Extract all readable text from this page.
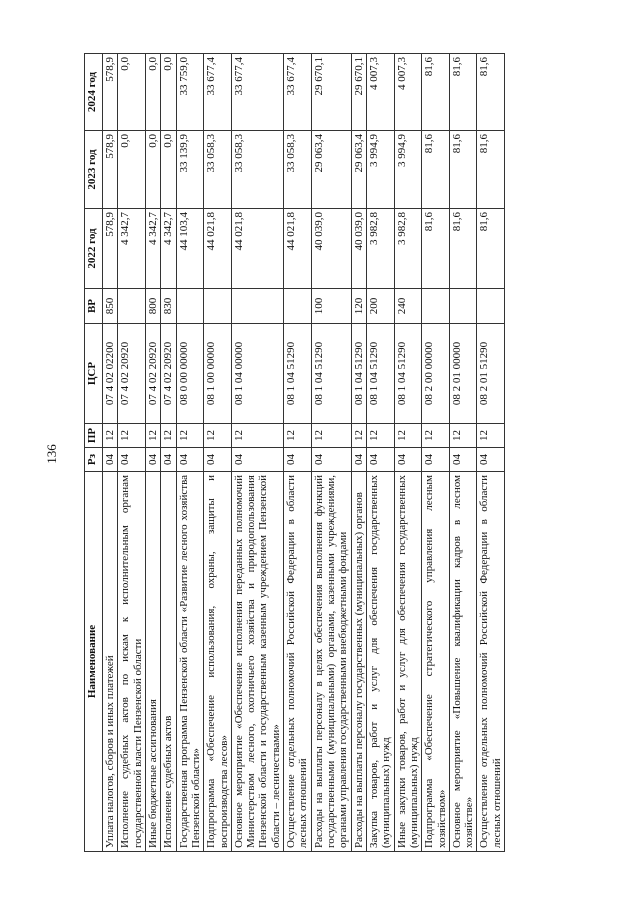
136
Наименование	Рз	ПР	ЦСР	ВР	2022 год	2023 год	2024 год
Уплата налогов, сборов и иных платежей	04	12	07 4 02 02200	850	578,9	578,9	578,9
Исполнение судебных актов по искам к исполнительным органам государственной власти Пензенской области	04	12	07 4 02 20920		4 342,7	0,0	0,0
Иные бюджетные ассигнования	04	12	07 4 02 20920	800	4 342,7	0,0	0,0
Исполнение судебных актов	04	12	07 4 02 20920	830	4 342,7	0,0	0,0
Государственная программа Пензенской области «Развитие лесного хозяйства Пензенской области»	04	12	08 0 00 00000		44 103,4	33 139,9	33 759,0
Подпрограмма «Обеспечение использования, охраны, защиты и воспроизводства лесов»	04	12	08 1 00 00000		44 021,8	33 058,3	33 677,4
Основное мероприятие «Обеспечение исполнения переданных полномочий Министерством лесного, охотничьего хозяйства и природопользования Пензенской области и государственным казенным учреждением Пензенской области – лесничествами»	04	12	08 1 04 00000		44 021,8	33 058,3	33 677,4
Осуществление отдельных полномочий Российской Федерации в области лесных отношений	04	12	08 1 04 51290		44 021,8	33 058,3	33 677,4
Расходы на выплаты персоналу в целях обеспечения выполнения функций государственными (муниципальными) органами, казенными учреждениями, органами управления государственными внебюджетными фондами	04	12	08 1 04 51290	100	40 039,0	29 063,4	29 670,1
Расходы на выплаты персоналу государственных (муниципальных) органов	04	12	08 1 04 51290	120	40 039,0	29 063,4	29 670,1
Закупка товаров, работ и услуг для обеспечения государственных (муниципальных) нужд	04	12	08 1 04 51290	200	3 982,8	3 994,9	4 007,3
Иные закупки товаров, работ и услуг для обеспечения государственных (муниципальных) нужд	04	12	08 1 04 51290	240	3 982,8	3 994,9	4 007,3
Подпрограмма «Обеспечение стратегического управления лесным хозяйством»	04	12	08 2 00 00000		81,6	81,6	81,6
Основное мероприятие «Повышение квалификации кадров в лесном хозяйстве»	04	12	08 2 01 00000		81,6	81,6	81,6
Осуществление отдельных полномочий Российской Федерации в области лесных отношений	04	12	08 2 01 51290		81,6	81,6	81,6
